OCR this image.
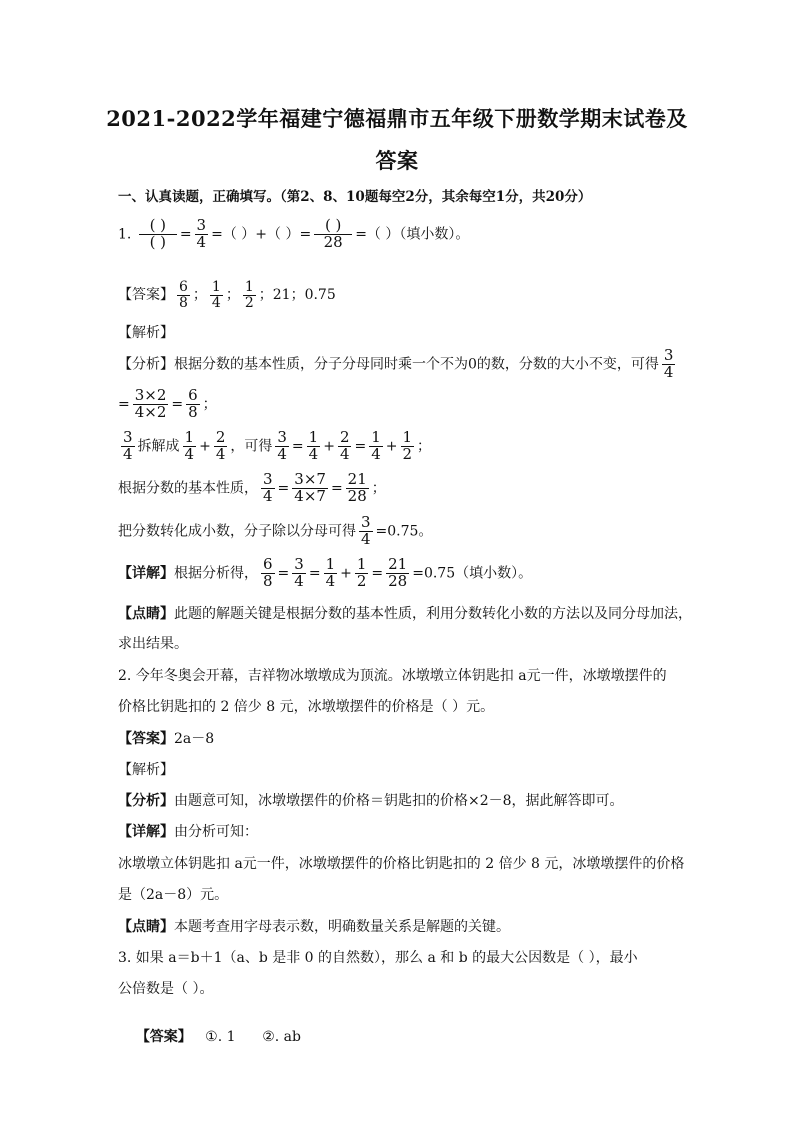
2021-2022学年福建宁德福鼎市五年级下册数学期末试卷及
答案
一、认真读题，正确填写。（第2、8、10题每空2分，其余每空1分，共20分）
1. $\frac{( )}{( )} = \frac{3}{4}$ =（ ）+（ ）= $\frac{( )}{28}$ =（ ）（填小数）。
【答案】 $\frac{6}{8}$ ； $\frac{1}{4}$ ； $\frac{1}{2}$ ；21；0.75
【解析】
【分析】根据分数的基本性质，分子分母同时乘一个不为0的数，分数的大小不变，可得 $\frac{3}{4}$
= $\frac{3\times 2}{4\times 2} = \frac{6}{8}$ ；
$\frac{3}{4}$ 拆解成 $\frac{1}{4} + \frac{2}{4}$ ，可得 $\frac{3}{4} = \frac{1}{4} + \frac{2}{4} = \frac{1}{4} + \frac{1}{2}$ ；
根据分数的基本性质， $\frac{3}{4} = \frac{3\times 7}{4\times 7} = \frac{21}{28}$ ；
把分数转化成小数，分子除以分母可得 $\frac{3}{4} =0.75$。
【详解】根据分析得， $\frac{6}{8} = \frac{3}{4} = \frac{1}{4} + \frac{1}{2} = \frac{21}{28} =0.75$（填小数）。
【点睛】此题的解题关键是根据分数的基本性质，利用分数转化小数的方法以及同分母加法，
求出结果。
2. 今年冬奥会开幕，吉祥物冰墩墩成为顶流。冰墩墩立体钥匙扣 a元一件，冰墩墩摆件的
价格比钥匙扣的 2 倍少 8 元，冰墩墩摆件的价格是（ ）元。
【答案】2a－8
【解析】
【分析】由题意可知，冰墩墩摆件的价格＝钥匙扣的价格×2－8，据此解答即可。
【详解】由分析可知：
冰墩墩立体钥匙扣 a元一件，冰墩墩摆件的价格比钥匙扣的 2 倍少 8 元，冰墩墩摆件的价格
是（2a－8）元。
【点睛】本题考查用字母表示数，明确数量关系是解题的关键。
3. 如果 a＝b＋1（a、b 是非 0 的自然数），那么 a 和 b 的最大公因数是（ ），最小
公倍数是（ ）。

【答案】   ①. 1      ②. ab
